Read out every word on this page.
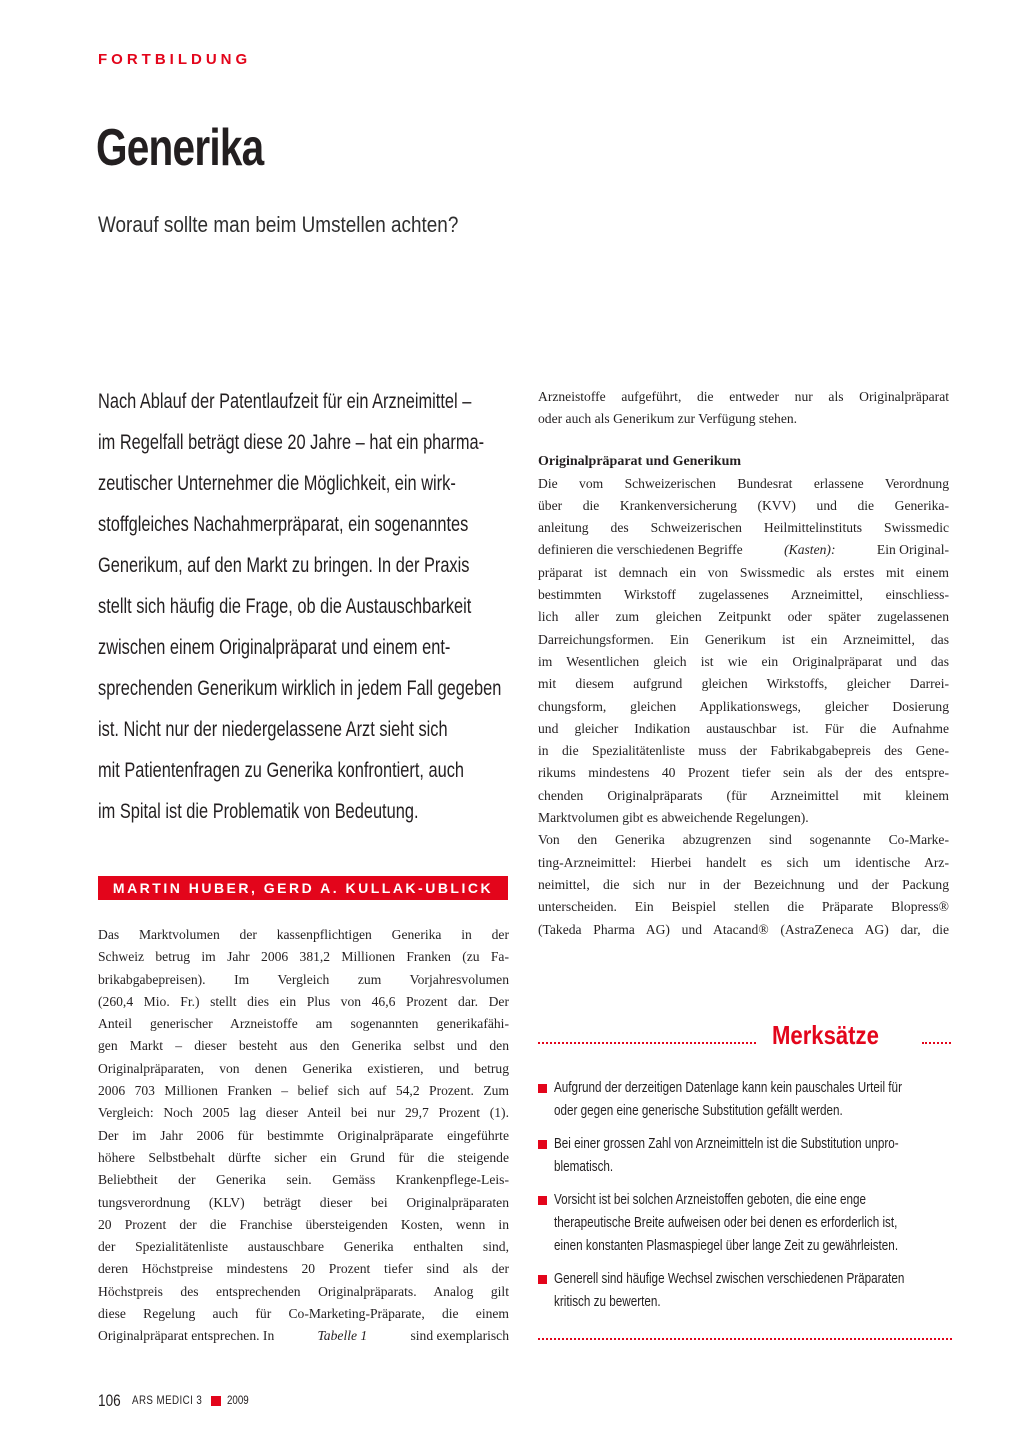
FORTBILDUNG
Generika
Worauf sollte man beim Umstellen achten?
Nach Ablauf der Patentlaufzeit für ein Arzneimittel –
im Regelfall beträgt diese 20 Jahre – hat ein pharma-
zeutischer Unternehmer die Möglichkeit, ein wirk-
stoffgleiches Nachahmerpräparat, ein sogenanntes
Generikum, auf den Markt zu bringen. In der Praxis
stellt sich häufig die Frage, ob die Austauschbarkeit
zwischen einem Originalpräparat und einem ent-
sprechenden Generikum wirklich in jedem Fall gegeben
ist. Nicht nur der niedergelassene Arzt sieht sich
mit Patientenfragen zu Generika konfrontiert, auch
im Spital ist die Problematik von Bedeutung.
MARTIN HUBER, GERD A. KULLAK-UBLICK
Das Marktvolumen der kassenpflichtigen Generika in der
Schweiz betrug im Jahr 2006 381,2 Millionen Franken (zu Fa-
brikabgabepreisen). Im Vergleich zum Vorjahresvolumen
(260,4 Mio. Fr.) stellt dies ein Plus von 46,6 Prozent dar. Der
Anteil generischer Arzneistoffe am sogenannten generikafähi-
gen Markt – dieser besteht aus den Generika selbst und den
Originalpräparaten, von denen Generika existieren, und betrug
2006 703 Millionen Franken – belief sich auf 54,2 Prozent. Zum
Vergleich: Noch 2005 lag dieser Anteil bei nur 29,7 Prozent (1).
Der im Jahr 2006 für bestimmte Originalpräparate eingeführte
höhere Selbstbehalt dürfte sicher ein Grund für die steigende
Beliebtheit der Generika sein. Gemäss Krankenpflege-Leis-
tungsverordnung (KLV) beträgt dieser bei Originalpräparaten
20 Prozent der die Franchise übersteigenden Kosten, wenn in
der Spezialitätenliste austauschbare Generika enthalten sind,
deren Höchstpreise mindestens 20 Prozent tiefer sind als der
Höchstpreis des entsprechenden Originalpräparats. Analog gilt
diese Regelung auch für Co-Marketing-Präparate, die einem
Originalpräparat entsprechen. In	Tabelle 1	sind exemplarisch
Arzneistoffe aufgeführt, die entweder nur als Originalpräparat
oder auch als Generikum zur Verfügung stehen.
Originalpräparat und Generikum
Die vom Schweizerischen Bundesrat erlassene Verordnung
über die Krankenversicherung (KVV) und die Generika-
anleitung des Schweizerischen Heilmittelinstituts Swissmedic
definieren die verschiedenen Begriffe	(Kasten):	Ein Original-
präparat ist demnach ein von Swissmedic als erstes mit einem
bestimmten Wirkstoff zugelassenes Arzneimittel, einschliess-
lich aller zum gleichen Zeitpunkt oder später zugelassenen
Darreichungsformen. Ein Generikum ist ein Arzneimittel, das
im Wesentlichen gleich ist wie ein Originalpräparat und das
mit diesem aufgrund gleichen Wirkstoffs, gleicher Darrei-
chungsform, gleichen Applikationswegs, gleicher Dosierung
und gleicher Indikation austauschbar ist. Für die Aufnahme
in die Spezialitätenliste muss der Fabrikabgabepreis des Gene-
rikums mindestens 40 Prozent tiefer sein als der des entspre-
chenden Originalpräparats (für Arzneimittel mit kleinem
Marktvolumen gibt es abweichende Regelungen).
Von den Generika abzugrenzen sind sogenannte Co-Marke-
ting-Arzneimittel: Hierbei handelt es sich um identische Arz-
neimittel, die sich nur in der Bezeichnung und der Packung
unterscheiden. Ein Beispiel stellen die Präparate Blopress®
(Takeda Pharma AG) und Atacand® (AstraZeneca AG) dar, die
Merksätze
Aufgrund der derzeitigen Datenlage kann kein pauschales Urteil für
oder gegen eine generische Substitution gefällt werden.
Bei einer grossen Zahl von Arzneimitteln ist die Substitution unpro-
blematisch.
Vorsicht ist bei solchen Arzneistoffen geboten, die eine enge
therapeutische Breite aufweisen oder bei denen es erforderlich ist,
einen konstanten Plasmaspiegel über lange Zeit zu gewährleisten.
Generell sind häufige Wechsel zwischen verschiedenen Präparaten
kritisch zu bewerten.
106 ARS MEDICI 3 2009
